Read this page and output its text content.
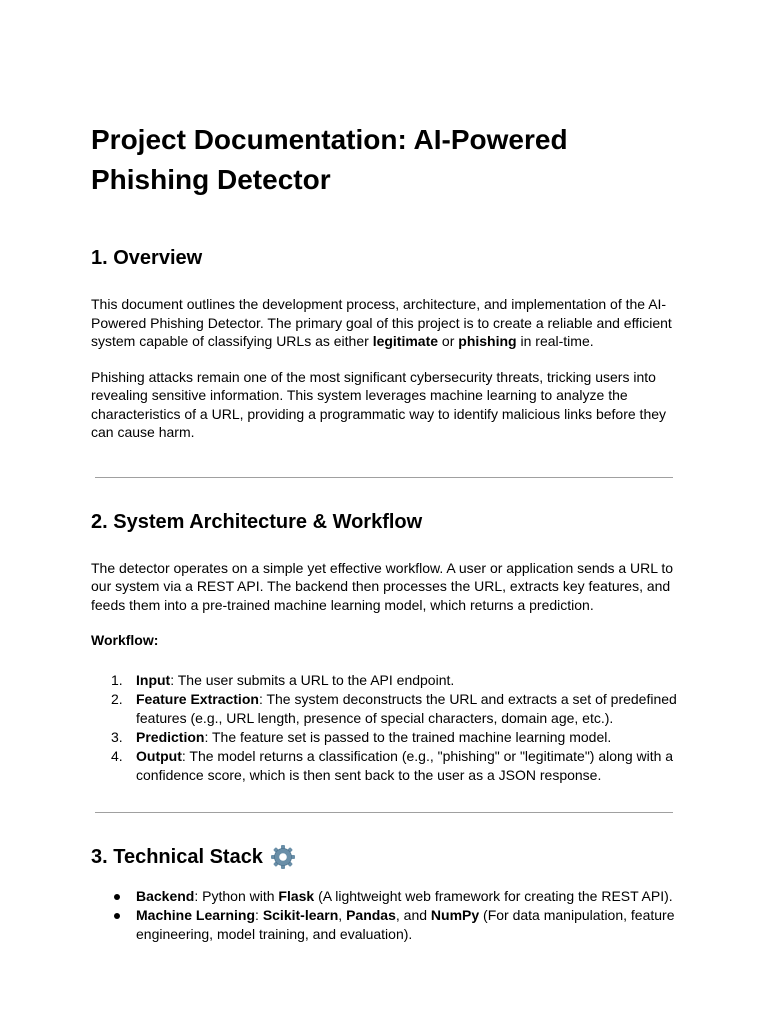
Project Documentation: AI-Powered Phishing Detector
1. Overview

This document outlines the development process, architecture, and implementation of the AI-Powered Phishing Detector. The primary goal of this project is to create a reliable and efficient system capable of classifying URLs as either legitimate or phishing in real-time.

Phishing attacks remain one of the most significant cybersecurity threats, tricking users into revealing sensitive information. This system leverages machine learning to analyze the characteristics of a URL, providing a programmatic way to identify malicious links before they can cause harm.

2. System Architecture & Workflow

The detector operates on a simple yet effective workflow. A user or application sends a URL to our system via a REST API. The backend then processes the URL, extracts key features, and feeds them into a pre-trained machine learning model, which returns a prediction.

Workflow:

1. Input: The user submits a URL to the API endpoint.
2. Feature Extraction: The system deconstructs the URL and extracts a set of predefined features (e.g., URL length, presence of special characters, domain age, etc.).
3. Prediction: The feature set is passed to the trained machine learning model.
4. Output: The model returns a classification (e.g., "phishing" or "legitimate") along with a confidence score, which is then sent back to the user as a JSON response.
3. Technical Stack
Backend: Python with Flask (A lightweight web framework for creating the REST API).
Machine Learning: Scikit-learn, Pandas, and NumPy (For data manipulation, feature engineering, model training, and evaluation).
